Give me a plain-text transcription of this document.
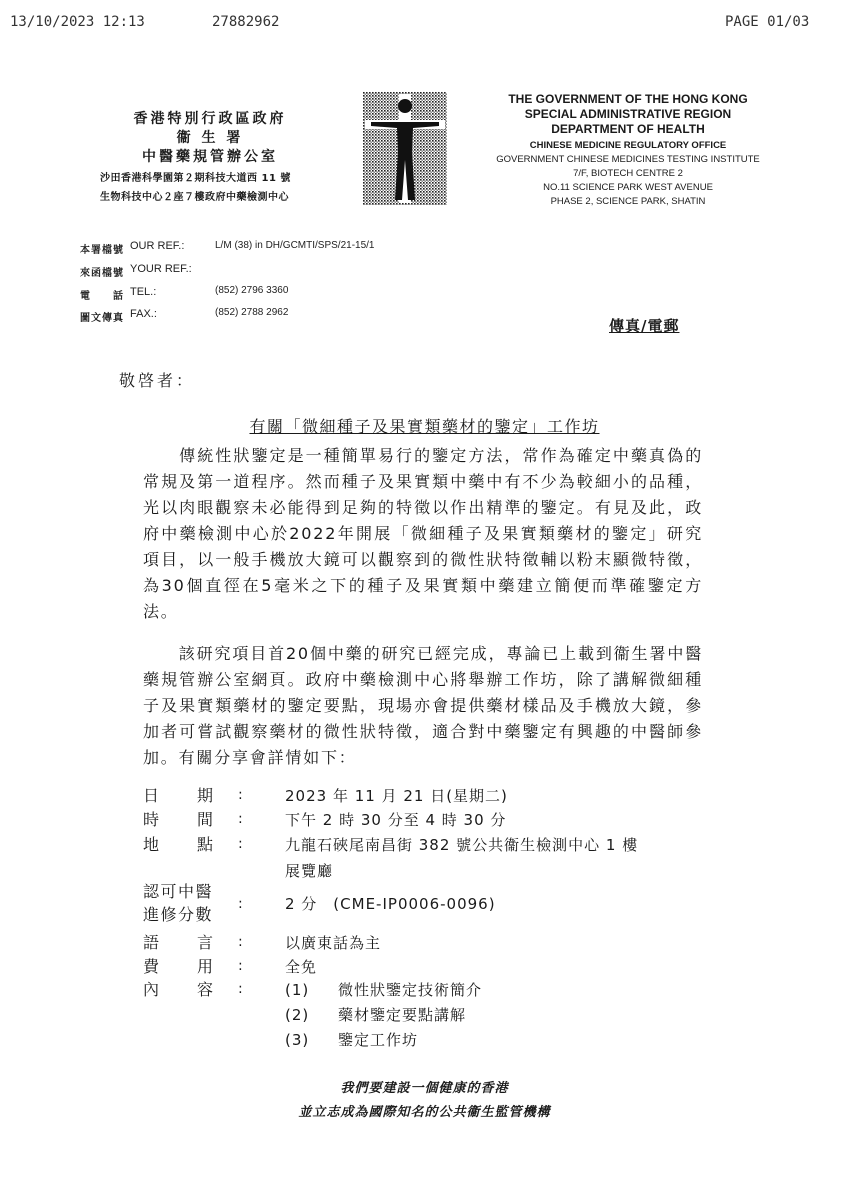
13/10/2023 12:13	27882962	PAGE 01/03
香港特別行政區政府
衞 生 署
中醫藥規管辦公室
沙田香港科學園第２期科技大道西 11 號
生物科技中心２座７樓政府中藥檢測中心
THE GOVERNMENT OF THE HONG KONG
SPECIAL ADMINISTRATIVE REGION
DEPARTMENT OF HEALTH
CHINESE MEDICINE REGULATORY OFFICE
GOVERNMENT CHINESE MEDICINES TESTING INSTITUTE
7/F, BIOTECH CENTRE 2
NO.11 SCIENCE PARK WEST AVENUE
PHASE 2, SCIENCE PARK, SHATIN
本署檔號 OUR REF.:	L/M (38) in DH/GCMTI/SPS/21-15/1
來函檔號 YOUR REF.:
電　　話 TEL.:	(852) 2796 3360
圖文傳真 FAX.:	(852) 2788 2962
傳真/電郵
敬啓者：
有關「微細種子及果實類藥材的鑒定」工作坊
　　傳統性狀鑒定是一種簡單易行的鑒定方法，常作為確定中藥真偽的常規及第一道程序。然而種子及果實類中藥中有不少為較細小的品種，光以肉眼觀察未必能得到足夠的特徵以作出精準的鑒定。有見及此，政府中藥檢測中心於2022年開展「微細種子及果實類藥材的鑒定」研究項目，以一般手機放大鏡可以觀察到的微性狀特徵輔以粉末顯微特徵，為30個直徑在5毫米之下的種子及果實類中藥建立簡便而準確鑒定方法。
　　該研究項目首20個中藥的研究已經完成，專論已上載到衞生署中醫藥規管辦公室網頁。政府中藥檢測中心將舉辦工作坊，除了講解微細種子及果實類藥材的鑒定要點，現場亦會提供藥材樣品及手機放大鏡，參加者可嘗試觀察藥材的微性狀特徵，適合對中藥鑒定有興趣的中醫師參加。有關分享會詳情如下：
日 期 :	2023 年 11 月 21 日(星期二)
時 間 :	下午 2 時 30 分至 4 時 30 分
地 點 :	九龍石硤尾南昌街 382 號公共衞生檢測中心 1 樓
展覽廳
認可中醫
進修分數
:	2 分　(CME-IP0006-0096)
語 言 :	以廣東話為主
費 用 :	全免
內 容 :	(1) 微性狀鑒定技術簡介
(2) 藥材鑒定要點講解
(3) 鑒定工作坊
我們要建設一個健康的香港
並立志成為國際知名的公共衞生監管機構
